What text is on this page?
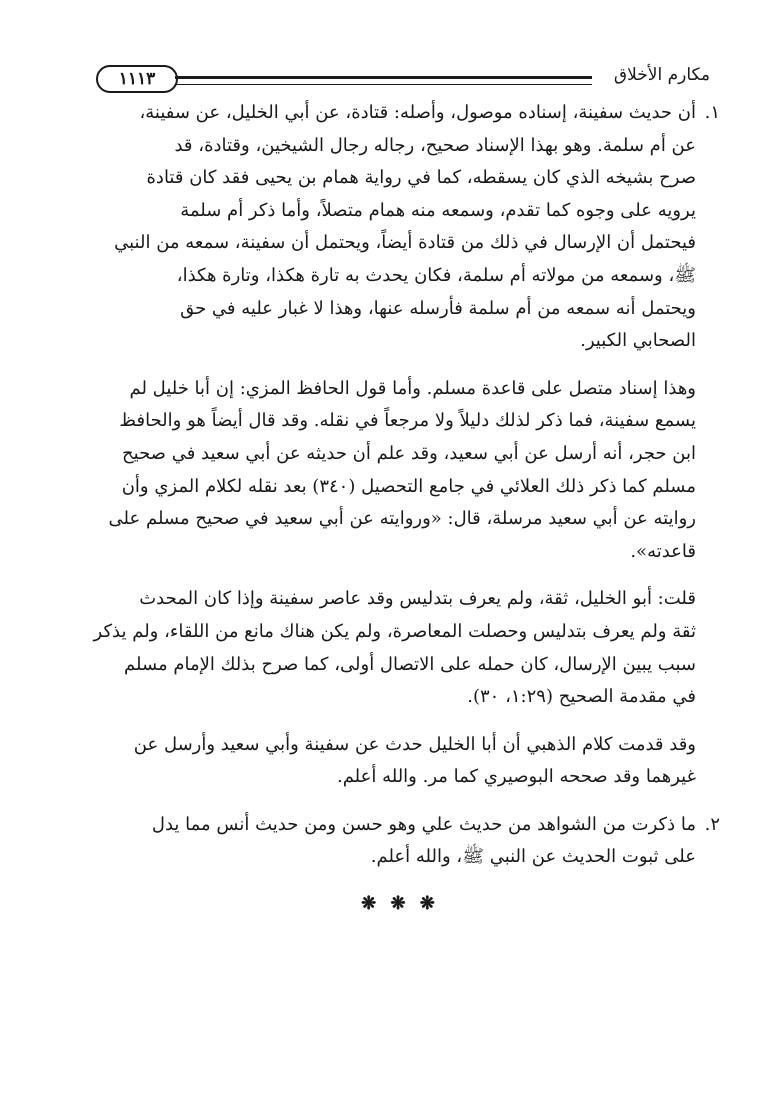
مكارم الأخلاق
١١١٣
١.

أن حديث سفينة، إسناده موصول، وأصله: قتادة، عن أبي الخليل، عن سفينة،

عن أم سلمة. وهو بهذا الإسناد صحيح، رجاله رجال الشيخين، وقتادة، قد

صرح بشيخه الذي كان يسقطه، كما في رواية همام بن يحيى فقد كان قتادة

يرويه على وجوه كما تقدم، وسمعه منه همام متصلاً، وأما ذكر أم سلمة

فيحتمل أن الإرسال في ذلك من قتادة أيضاً، ويحتمل أن سفينة، سمعه من النبي

ﷺ، وسمعه من مولاته أم سلمة، فكان يحدث به تارة هكذا، وتارة هكذا،

ويحتمل أنه سمعه من أم سلمة فأرسله عنها، وهذا لا غبار عليه في حق

الصحابي الكبير.

وهذا إسناد متصل على قاعدة مسلم. وأما قول الحافظ المزي: إن أبا خليل لم

يسمع سفينة، فما ذكر لذلك دليلاً ولا مرجعاً في نقله. وقد قال أيضاً هو والحافظ

ابن حجر، أنه أرسل عن أبي سعيد، وقد علم أن حديثه عن أبي سعيد في صحيح

مسلم كما ذكر ذلك العلائي في جامع التحصيل (٣٤٠) بعد نقله لكلام المزي وأن

روايته عن أبي سعيد مرسلة، قال: «وروايته عن أبي سعيد في صحيح مسلم على

قاعدته».

قلت: أبو الخليل، ثقة، ولم يعرف بتدليس وقد عاصر سفينة وإذا كان المحدث

ثقة ولم يعرف بتدليس وحصلت المعاصرة، ولم يكن هناك مانع من اللقاء، ولم يذكر

سبب يبين الإرسال، كان حمله على الاتصال أولى، كما صرح بذلك الإمام مسلم

في مقدمة الصحيح (١:٢٩، ٣٠).

وقد قدمت كلام الذهبي أن أبا الخليل حدث عن سفينة وأبي سعيد وأرسل عن

غيرهما وقد صححه البوصيري كما مر. والله أعلم.

٢.

ما ذكرت من الشواهد من حديث علي وهو حسن ومن حديث أنس مما يدل

على ثبوت الحديث عن النبي ﷺ، والله أعلم.

❋ ❋ ❋
